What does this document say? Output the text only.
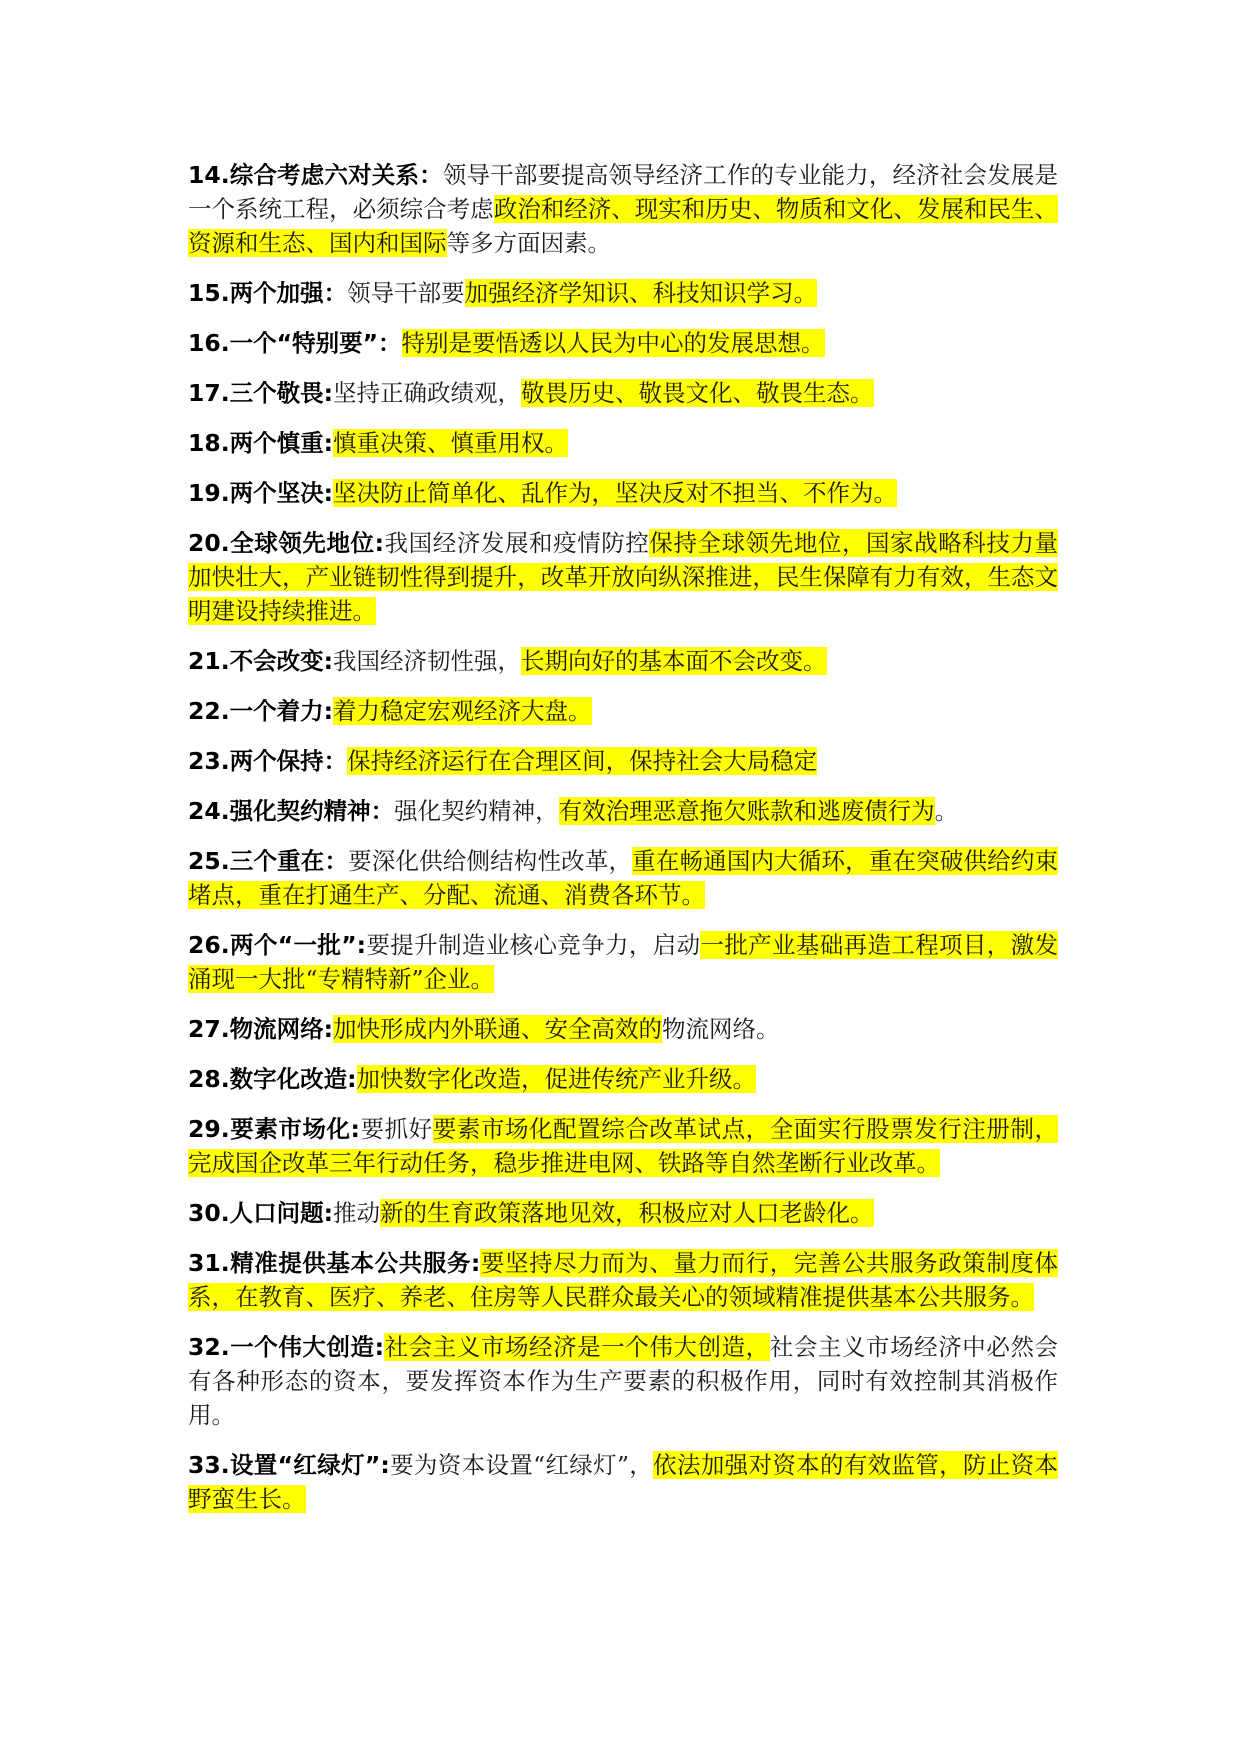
14.综合考虑六对关系：领导干部要提高领导经济工作的专业能力，经济社会发展是一个系统工程，必须综合考虑政治和经济、现实和历史、物质和文化、发展和民生、资源和生态、国内和国际等多方面因素。

15.两个加强：领导干部要加强经济学知识、科技知识学习。

16.一个“特别要”：特别是要悟透以人民为中心的发展思想。

17.三个敬畏:坚持正确政绩观，敬畏历史、敬畏文化、敬畏生态。

18.两个慎重:慎重决策、慎重用权。

19.两个坚决:坚决防止简单化、乱作为，坚决反对不担当、不作为。

20.全球领先地位:我国经济发展和疫情防控保持全球领先地位，国家战略科技力量加快壮大，产业链韧性得到提升，改革开放向纵深推进，民生保障有力有效，生态文明建设持续推进。

21.不会改变:我国经济韧性强，长期向好的基本面不会改变。

22.一个着力:着力稳定宏观经济大盘。

23.两个保持：保持经济运行在合理区间，保持社会大局稳定

24.强化契约精神：强化契约精神，有效治理恶意拖欠账款和逃废债行为。

25.三个重在：要深化供给侧结构性改革，重在畅通国内大循环，重在突破供给约束堵点，重在打通生产、分配、流通、消费各环节。

26.两个“一批”:要提升制造业核心竞争力，启动一批产业基础再造工程项目，激发涌现一大批“专精特新”企业。

27.物流网络:加快形成内外联通、安全高效的物流网络。

28.数字化改造:加快数字化改造，促进传统产业升级。

29.要素市场化:要抓好要素市场化配置综合改革试点，全面实行股票发行注册制，完成国企改革三年行动任务，稳步推进电网、铁路等自然垄断行业改革。

30.人口问题:推动新的生育政策落地见效，积极应对人口老龄化。

31.精准提供基本公共服务:要坚持尽力而为、量力而行，完善公共服务政策制度体系，在教育、医疗、养老、住房等人民群众最关心的领域精准提供基本公共服务。

32.一个伟大创造:社会主义市场经济是一个伟大创造，社会主义市场经济中必然会有各种形态的资本，要发挥资本作为生产要素的积极作用，同时有效控制其消极作用。

33.设置“红绿灯”:要为资本设置“红绿灯”，依法加强对资本的有效监管，防止资本野蛮生长。
